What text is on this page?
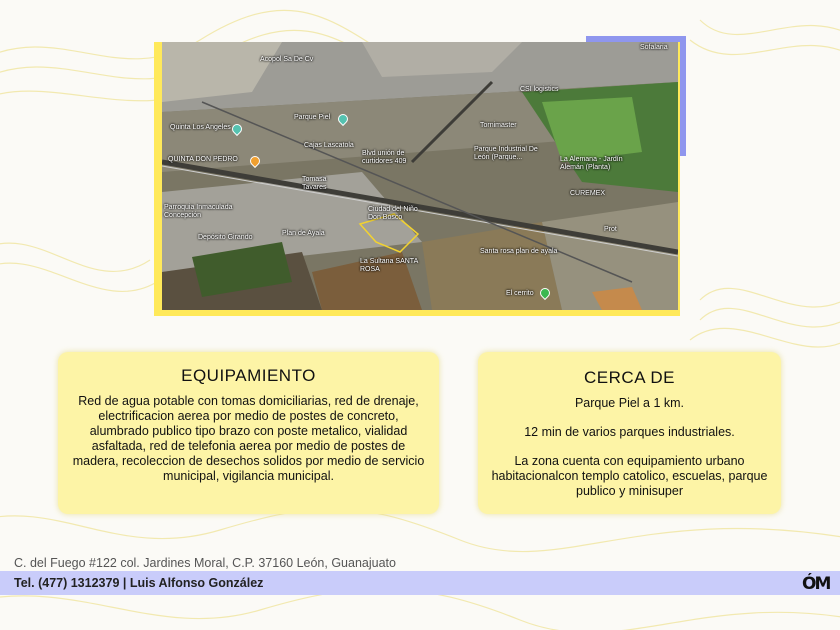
Acopol Sa De Cv
Sofalaria
CSI logistics
Quinta Los Angeles
Parque Piel
Tornimaster
Cajas Lascatola
Blvd unión de curtidores 409
Parque Industrial De León (Parque...	La Alemana - Jardín Alemán (Planta)
QUINTA DON PEDRO
Tomasa Tavares
CUREMEX
Parroquia Inmaculada Concepción
Ciudad del Niño Don Bosco
Depósito Girando
Plan de Ayala
Prot
Santa rosa plan de ayala
La Sultana SANTA ROSA
El cerrito
EQUIPAMIENTO

Red de agua potable con tomas domiciliarias, red de drenaje, electrificacion aerea por medio de postes de concreto, alumbrado publico tipo brazo con poste metalico, vialidad asfaltada, red de telefonia aerea por medio de postes de madera, recoleccion de desechos solidos por medio de servicio municipal, vigilancia municipal.

CERCA DE

Parque Piel a 1 km.

12 min de varios parques industriales.

La zona cuenta con equipamiento urbano habitacionalcon templo catolico, escuelas, parque publico y minisuper

C. del Fuego #122 col. Jardines Moral, C.P. 37160 León, Guanajuato
Tel. (477) 1312379 | Luis Alfonso González	ÓM
